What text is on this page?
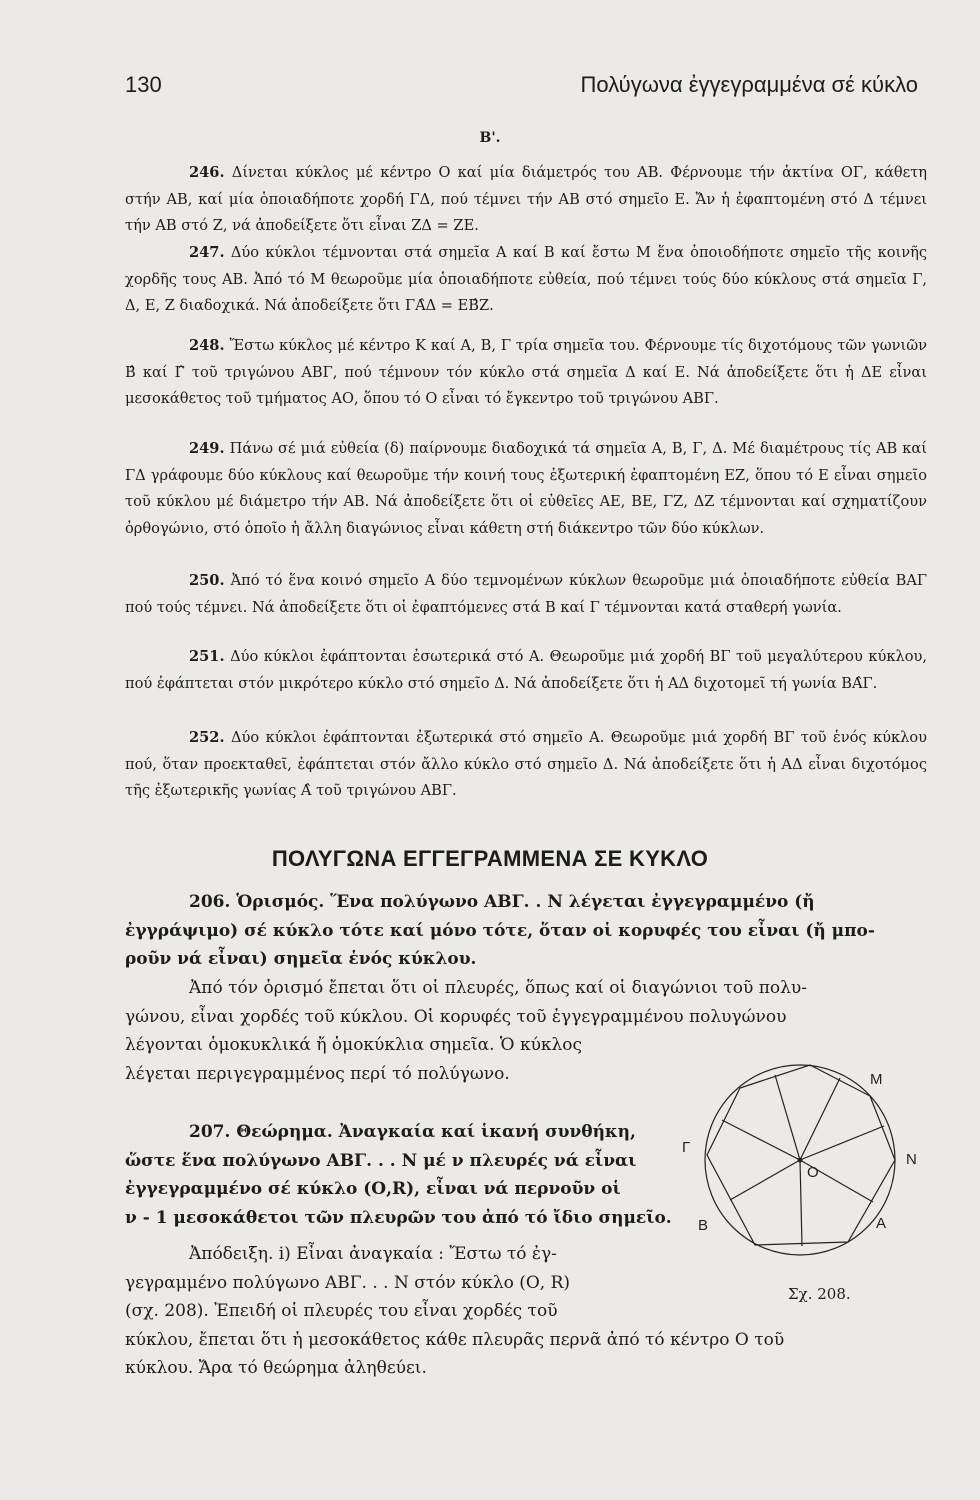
130	Πολύγωνα ἐγγεγραμμένα σέ κύκλο
B'.

246. Δίνεται κύκλος μέ κέντρο Ο καί μία διάμετρός του ΑΒ. Φέρνουμε τήν ἀκτίνα ΟΓ, κάθετη στήν ΑΒ, καί μία ὁποιαδήποτε χορδή ΓΔ, πού τέμνει τήν ΑΒ στό σημεῖο Ε. Ἄν ἡ ἐφαπτομένη στό Δ τέμνει τήν ΑΒ στό Ζ, νά ἀποδείξετε ὅτι εἶναι ΖΔ = ΖΕ.

247. Δύο κύκλοι τέμνονται στά σημεῖα Α καί Β καί ἔστω Μ ἕνα ὁποιοδήποτε σημεῖο τῆς κοινῆς χορδῆς τους ΑΒ. Ἀπό τό Μ θεωροῦμε μία ὁποιαδήποτε εὐθεία, πού τέμνει τούς δύο κύκλους στά σημεῖα Γ, Δ, Ε, Ζ διαδοχικά. Νά ἀποδείξετε ὅτι ΓΑ̂Δ = ΕΒ̂Ζ.

248. Ἔστω κύκλος μέ κέντρο Κ καί Α, Β, Γ τρία σημεῖα του. Φέρνουμε τίς διχοτόμους τῶν γωνιῶν Β̂ καί Γ̂ τοῦ τριγώνου ΑΒΓ, πού τέμνουν τόν κύκλο στά σημεῖα Δ καί Ε. Νά ἀποδείξετε ὅτι ἡ ΔΕ εἶναι μεσοκάθετος τοῦ τμήματος ΑΟ, ὅπου τό Ο εἶναι τό ἔγκεντρο τοῦ τριγώνου ΑΒΓ.

249. Πάνω σέ μιά εὐθεία (δ) παίρνουμε διαδοχικά τά σημεῖα Α, Β, Γ, Δ. Μέ διαμέτρους τίς ΑΒ καί ΓΔ γράφουμε δύο κύκλους καί θεωροῦμε τήν κοινή τους ἐξωτερική ἐφαπτομένη ΕΖ, ὅπου τό Ε εἶναι σημεῖο τοῦ κύκλου μέ διάμετρο τήν ΑΒ. Νά ἀποδείξετε ὅτι οἱ εὐθεῖες ΑΕ, ΒΕ, ΓΖ, ΔΖ τέμνονται καί σχηματίζουν ὀρθογώνιο, στό ὁποῖο ἡ ἄλλη διαγώνιος εἶναι κάθετη στή διάκεντρο τῶν δύο κύκλων.

250. Ἀπό τό ἕνα κοινό σημεῖο Α δύο τεμνομένων κύκλων θεωροῦμε μιά ὁποιαδήποτε εὐθεία ΒΑΓ πού τούς τέμνει. Νά ἀποδείξετε ὅτι οἱ ἐφαπτόμενες στά Β καί Γ τέμνονται κατά σταθερή γωνία.

251. Δύο κύκλοι ἐφάπτονται ἐσωτερικά στό Α. Θεωροῦμε μιά χορδή ΒΓ τοῦ μεγαλύτερου κύκλου, πού ἐφάπτεται στόν μικρότερο κύκλο στό σημεῖο Δ. Νά ἀποδείξετε ὅτι ἡ ΑΔ διχοτομεῖ τή γωνία ΒΑ̂Γ.

252. Δύο κύκλοι ἐφάπτονται ἐξωτερικά στό σημεῖο Α. Θεωροῦμε μιά χορδή ΒΓ τοῦ ἑνός κύκλου πού, ὅταν προεκταθεῖ, ἐφάπτεται στόν ἄλλο κύκλο στό σημεῖο Δ. Νά ἀποδείξετε ὅτι ἡ ΑΔ εἶναι διχοτόμος τῆς ἐξωτερικῆς γωνίας Α̂ τοῦ τριγώνου ΑΒΓ.

ΠΟΛΥΓΩΝΑ ΕΓΓΕΓΡΑΜΜΕΝΑ ΣΕ ΚΥΚΛΟ

206. Ὁρισμός. Ἕνα πολύγωνο ΑΒΓ. . Ν λέγεται ἐγγεγραμμένο (ἤ

ἐγγράψιμο) σέ κύκλο τότε καί μόνο τότε, ὅταν οἱ κορυφές του εἶναι (ἤ μπο-

ροῦν νά εἶναι) σημεῖα ἑνός κύκλου.

Ἀπό τόν ὁρισμό ἔπεται ὅτι οἱ πλευρές, ὅπως καί οἱ διαγώνιοι τοῦ πολυ-

γώνου, εἶναι χορδές τοῦ κύκλου. Οἱ κορυφές τοῦ ἐγγεγραμμένου πολυγώνου

λέγονται ὁμοκυκλικά ἤ ὁμοκύκλια σημεῖα. Ὁ κύκλος

λέγεται περιγεγραμμένος περί τό πολύγωνο.

207. Θεώρημα. Ἀναγκαία καί ἱκανή συνθήκη,

ὥστε ἕνα πολύγωνο ΑΒΓ. . . Ν μέ ν πλευρές νά εἶναι

ἐγγεγραμμένο σέ κύκλο (Ο,R), εἶναι νά περνοῦν οἱ

ν - 1 μεσοκάθετοι τῶν πλευρῶν του ἀπό τό ἴδιο σημεῖο.

Ἀπόδειξη. i) Εἶναι ἀναγκαία : Ἔστω τό ἐγ-

γεγραμμένο πολύγωνο ΑΒΓ. . . Ν στόν κύκλο (Ο, R)

(σχ. 208). Ἐπειδή οἱ πλευρές του εἶναι χορδές τοῦ

κύκλου, ἔπεται ὅτι ἡ μεσοκάθετος κάθε πλευρᾶς περνᾶ ἀπό τό κέντρο Ο τοῦ

κύκλου. Ἄρα τό θεώρημα ἀληθεύει.

M
N
Γ
O
B	A
Σχ. 208.
